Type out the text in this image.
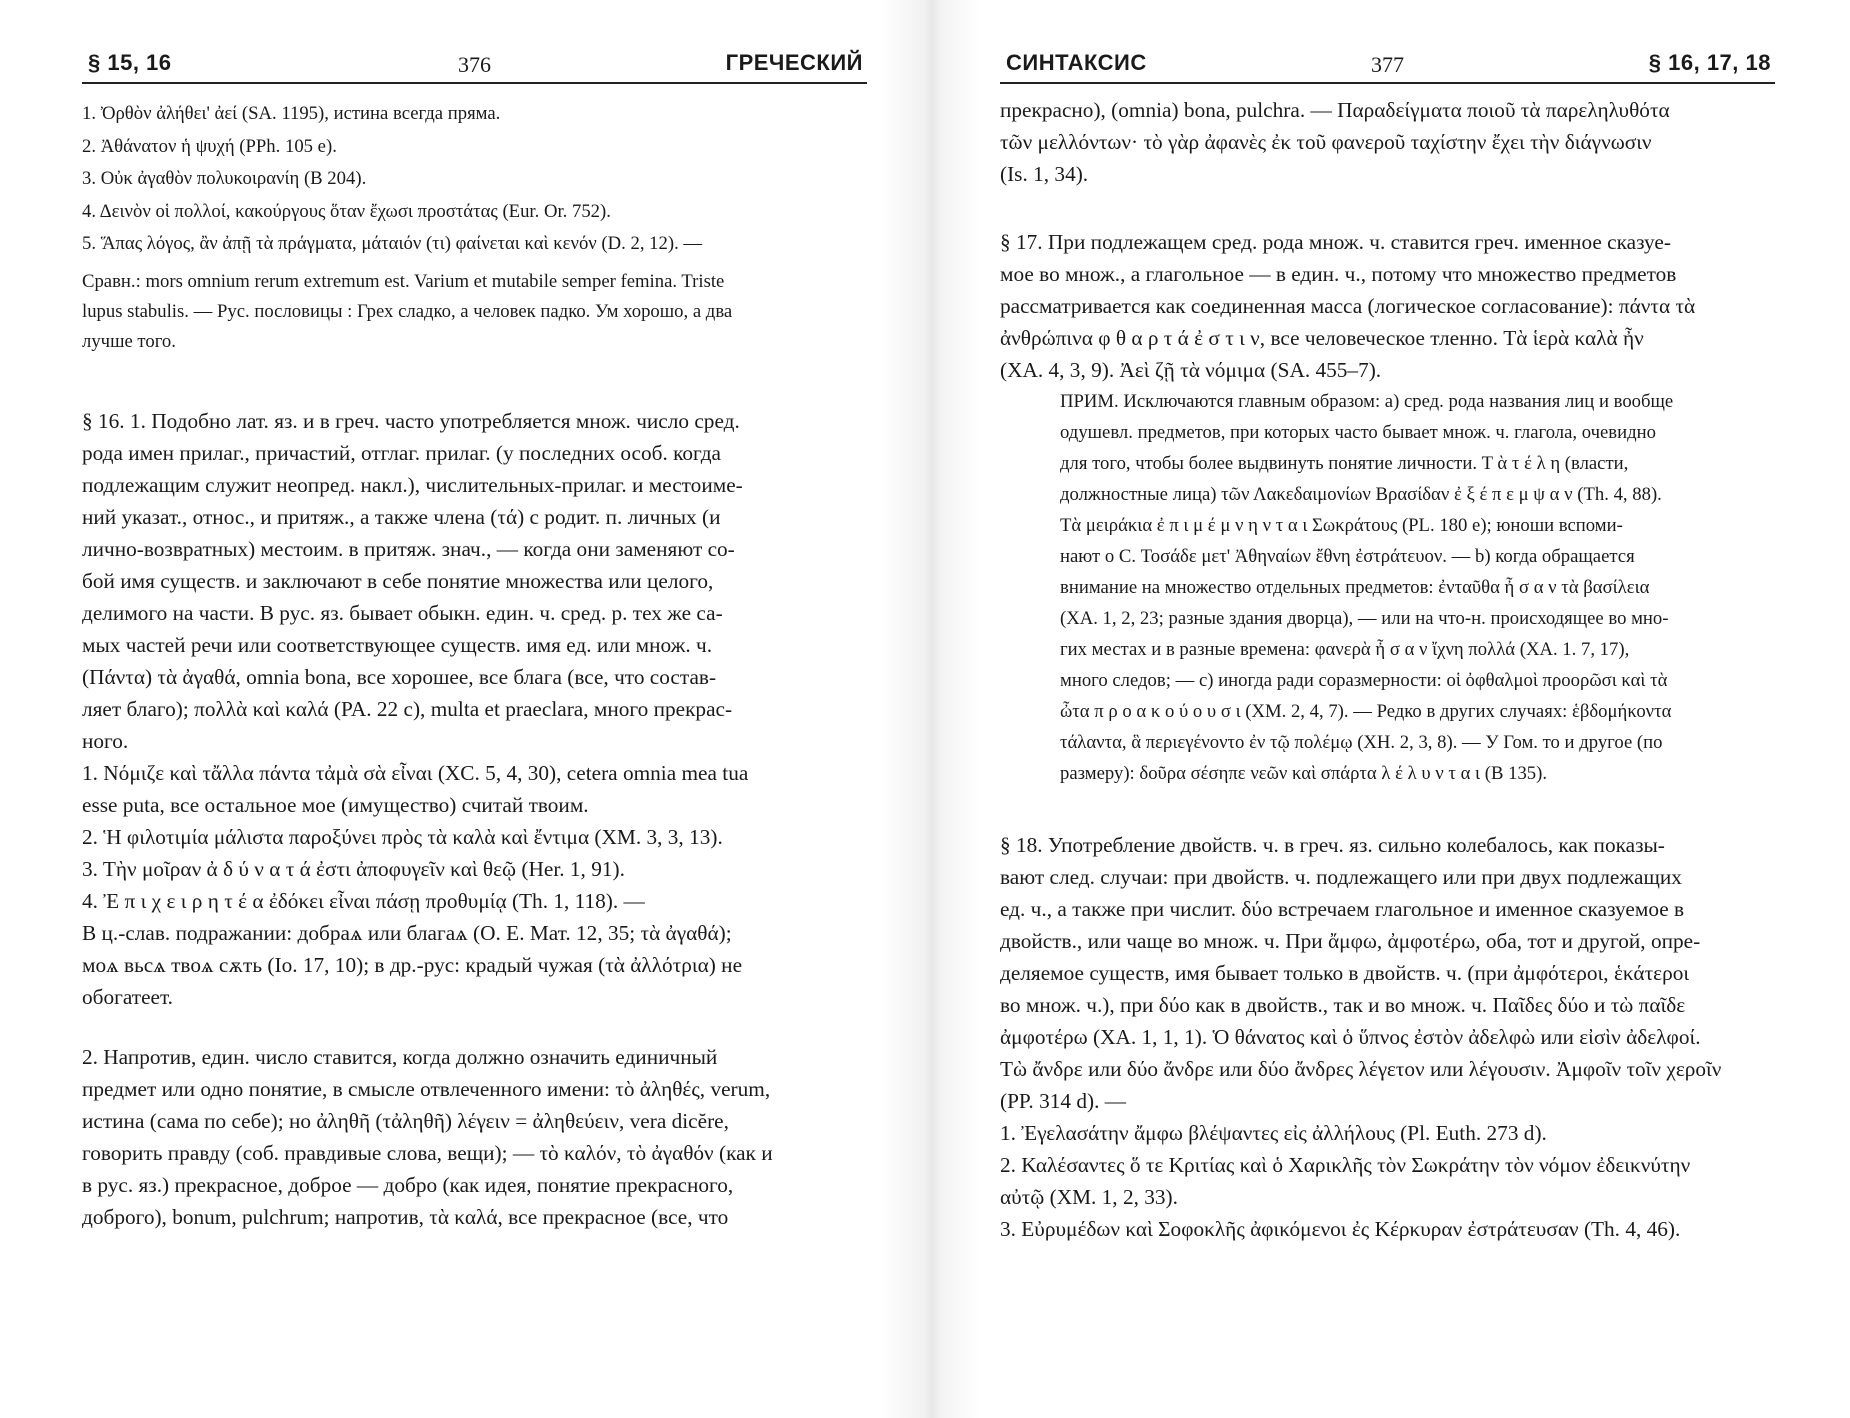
§ 15, 16	376	ГРЕЧЕСКИЙ

1. Ὀρθὸν ἀλήθει' ἀεί (SA. 1195), истина всегда пряма.

2. Ἀθάνατον ἡ ψυχή (PPh. 105 e).

3. Οὐκ ἀγαθὸν πολυκοιρανίη (B 204).

4. Δεινὸν οἱ πολλοί, κακούργους ὅταν ἔχωσι προστάτας (Eur. Or. 752).

5. Ἅπας λόγος, ἂν ἀπῇ τὰ πράγματα, μάταιόν (τι) φαίνεται καὶ κενόν (D. 2, 12). —

Сравн.: mors omnium rerum extremum est. Varium et mutabile semper femina. Triste

lupus stabulis. — Рус. пословицы : Грех сладко, а человек падко. Ум хорошо, а два

лучше того.

§ 16. 1. Подобно лат. яз. и в греч. часто употребляется множ. число сред.

рода имен прилаг., причастий, отглаг. прилаг. (у последних особ. когда

подлежащим служит неопред. накл.), числительных-прилаг. и местоиме-

ний указат., относ., и притяж., а также члена (τά) с родит. п. личных (и

лично-возвратных) местоим. в притяж. знач., — когда они заменяют со-

бой имя существ. и заключают в себе понятие множества или целого,

делимого на части. В рус. яз. бывает обыкн. един. ч. сред. р. тех же са-

мых частей речи или соответствующее существ. имя ед. или множ. ч.

(Πάντα) τὰ ἀγαθά, omnia bona, все хорошее, все блага (все, что состав-

ляет благо); πολλὰ καὶ καλά (PA. 22 c), multa et praeclara, много прекрас-

ного.

1. Νόμιζε καὶ τἄλλα πάντα τἀμὰ σὰ εἶναι (XC. 5, 4, 30), cetera omnia mea tua

esse puta, все остальное мое (имущество) считай твоим.

2. Ἡ φιλοτιμία μάλιστα παροξύνει πρὸς τὰ καλὰ καὶ ἔντιμα (XM. 3, 3, 13).

3. Τὴν μοῖραν ἀ δ ύ ν α τ ά ἐστι ἀποφυγεῖν καὶ θεῷ (Her. 1, 91).

4. Ἐ π ι χ ε ι ρ η τ έ α ἐδόκει εἶναι πάσῃ προθυμίᾳ (Th. 1, 118). —

В ц.-слав. подражании: добраѧ или благаѧ (О. Е. Мат. 12, 35; τὰ ἀγαθά);

моѧ вьсѧ твоѧ сѫть (Io. 17, 10); в др.-рус: крадый чужая (τὰ ἀλλότρια) не

обогатеет.

2. Напротив, един. число ставится, когда должно означить единичный

предмет или одно понятие, в смысле отвлеченного имени: τὸ ἀληθές, verum,

истина (сама по себе); но ἀληθῆ (τἀληθῆ) λέγειν = ἀληθεύειν, vera dicĕre,

говорить правду (соб. правдивые слова, вещи); — τὸ καλόν, τὸ ἀγαθόν (как и

в рус. яз.) прекрасное, доброе — добро (как идея, понятие прекрасного,

доброго), bonum, pulchrum; напротив, τὰ καλά, все прекрасное (все, что

СИНТАКСИС	377	§ 16, 17, 18

прекрасно), (omnia) bona, pulchra. — Παραδείγματα ποιοῦ τὰ παρεληλυθότα

τῶν μελλόντων· τὸ γὰρ ἀφανὲς ἐκ τοῦ φανεροῦ ταχίστην ἔχει τὴν διάγνωσιν

(Is. 1, 34).

§ 17. При подлежащем сред. рода множ. ч. ставится греч. именное сказуе-

мое во множ., а глагольное — в един. ч., потому что множество предметов

рассматривается как соединенная масса (логическое согласование): πάντα τὰ

ἀνθρώπινα φ θ α ρ τ ά ἐ σ τ ι ν, все человеческое тленно. Τὰ ἱερὰ καλὰ ἦν

(XA. 4, 3, 9). Ἀεὶ ζῇ τὰ νόμιμα (SA. 455–7).

ПРИМ. Исключаются главным образом: a) сред. рода названия лиц и вообще

одушевл. предметов, при которых часто бывает множ. ч. глагола, очевидно

для того, чтобы более выдвинуть понятие личности. Τ ὰ τ έ λ η (власти,

должностные лица) τῶν Λακεδαιμονίων Βρασίδαν ἐ ξ έ π ε μ ψ α ν (Th. 4, 88).

Τὰ μειράκια ἐ π ι μ έ μ ν η ν τ α ι Σωκράτους (PL. 180 e); юноши вспоми-

нают о С. Τοσάδε μετ' Ἀθηναίων ἔθνη ἐστράτευον. — b) когда обращается

внимание на множество отдельных предметов: ἐνταῦθα ἦ σ α ν τὰ βασίλεια

(XA. 1, 2, 23; разные здания дворца), — или на что-н. происходящее во мно-

гих местах и в разные времена: φανερὰ ἦ σ α ν ἴχνη πολλά (XA. 1. 7, 17),

много следов; — c) иногда ради соразмерности: οἱ ὀφθαλμοὶ προορῶσι καὶ τὰ

ὦτα π ρ ο α κ ο ύ ο υ σ ι (XM. 2, 4, 7). — Редко в других случаях: ἑβδομήκοντα

τάλαντα, ἃ περιεγένοντο ἐν τῷ πολέμῳ (XH. 2, 3, 8). — У Гом. то и другое (по

размеру): δοῦρα σέσηπε νεῶν καὶ σπάρτα λ έ λ υ ν τ α ι (B 135).

§ 18. Употребление двойств. ч. в греч. яз. сильно колебалось, как показы-

вают след. случаи: при двойств. ч. подлежащего или при двух подлежащих

ед. ч., а также при числит. δύο встречаем глагольное и именное сказуемое в

двойств., или чаще во множ. ч. При ἄμφω, ἀμφοτέρω, оба, тот и другой, опре-

деляемое существ, имя бывает только в двойств. ч. (при ἀμφότεροι, ἑκάτεροι

во множ. ч.), при δύο как в двойств., так и во множ. ч. Παῖδες δύο и τὼ παῖδε

ἀμφοτέρω (XA. 1, 1, 1). Ὁ θάνατος καὶ ὁ ὕπνος ἐστὸν ἀδελφὼ или εἰσὶν ἀδελφοί.

Τὼ ἄνδρε или δύο ἄνδρε или δύο ἄνδρες λέγετον или λέγουσιν. Ἀμφοῖν τοῖν χεροῖν

(PP. 314 d). —

1. Ἐγελασάτην ἄμφω βλέψαντες εἰς ἀλλήλους (Pl. Euth. 273 d).

2. Καλέσαντες ὅ τε Κριτίας καὶ ὁ Χαρικλῆς τὸν Σωκράτην τὸν νόμον ἐδεικνύτην

αὐτῷ (XM. 1, 2, 33).

3. Εὐρυμέδων καὶ Σοφοκλῆς ἀφικόμενοι ἐς Κέρκυραν ἐστράτευσαν (Th. 4, 46).
